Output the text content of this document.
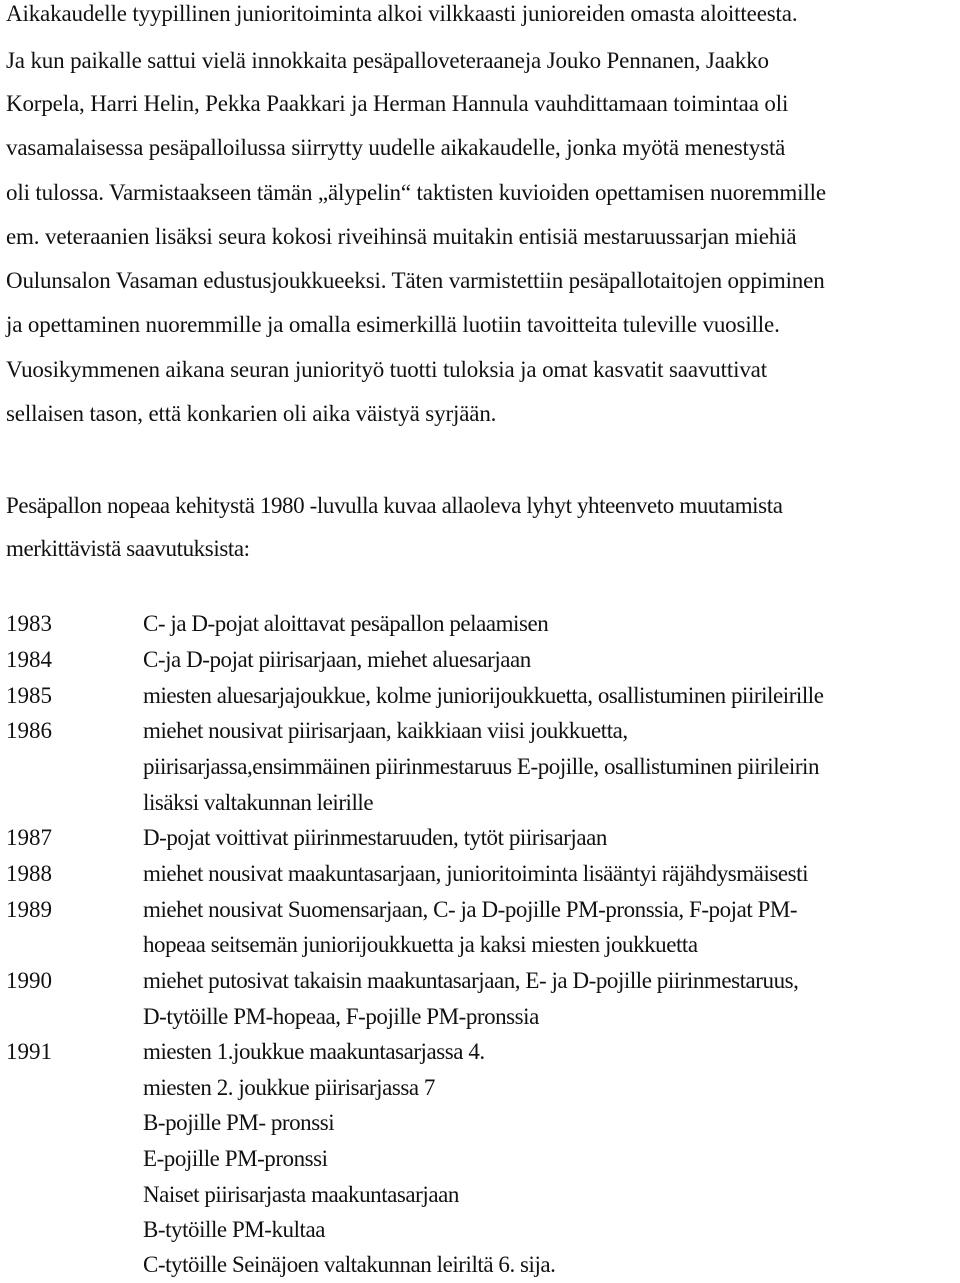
Aikakaudelle tyypillinen junioritoiminta alkoi vilkkaasti junioreiden omasta aloitteesta.
Ja kun paikalle sattui vielä innokkaita pesäpalloveteraaneja Jouko Pennanen, Jaakko
Korpela, Harri Helin, Pekka Paakkari ja Herman Hannula vauhdittamaan toimintaa oli
vasamalaisessa pesäpalloilussa siirrytty uudelle aikakaudelle, jonka myötä menestystä
oli tulossa. Varmistaakseen tämän „älypelin“ taktisten kuvioiden opettamisen nuoremmille
em. veteraanien lisäksi seura kokosi riveihinsä muitakin entisiä mestaruussarjan miehiä
Oulunsalon Vasaman edustusjoukkueeksi. Täten varmistettiin pesäpallotaitojen oppiminen
ja opettaminen nuoremmille ja omalla esimerkillä luotiin tavoitteita tuleville vuosille.
Vuosikymmenen aikana seuran juniorityö tuotti tuloksia ja omat kasvatit saavuttivat
sellaisen tason, että konkarien oli aika väistyä syrjään.
Pesäpallon nopeaa kehitystä 1980 -luvulla kuvaa allaoleva lyhyt yhteenveto muutamista
merkittävistä saavutuksista:
1983	C- ja D-pojat aloittavat pesäpallon pelaamisen
1984	C-ja D-pojat piirisarjaan, miehet aluesarjaan
1985	miesten aluesarjajoukkue, kolme juniorijoukkuetta, osallistuminen piirileirille
1986	miehet nousivat piirisarjaan, kaikkiaan viisi joukkuetta,
piirisarjassa,ensimmäinen piirinmestaruus E-pojille, osallistuminen piirileirin
lisäksi valtakunnan leirille
1987	D-pojat voittivat piirinmestaruuden, tytöt piirisarjaan
1988	miehet nousivat maakuntasarjaan, junioritoiminta lisääntyi räjähdysmäisesti
1989	miehet nousivat Suomensarjaan, C- ja D-pojille PM-pronssia, F-pojat PM-
hopeaa seitsemän juniorijoukkuetta ja kaksi miesten joukkuetta
1990	miehet putosivat takaisin maakuntasarjaan, E- ja D-pojille piirinmestaruus,
D-tytöille PM-hopeaa, F-pojille PM-pronssia
1991	miesten 1.joukkue maakuntasarjassa 4.
miesten 2. joukkue piirisarjassa 7
B-pojille PM- pronssi
E-pojille PM-pronssi
Naiset piirisarjasta maakuntasarjaan
B-tytöille PM-kultaa
C-tytöille Seinäjoen valtakunnan leiriltä 6. sija.
